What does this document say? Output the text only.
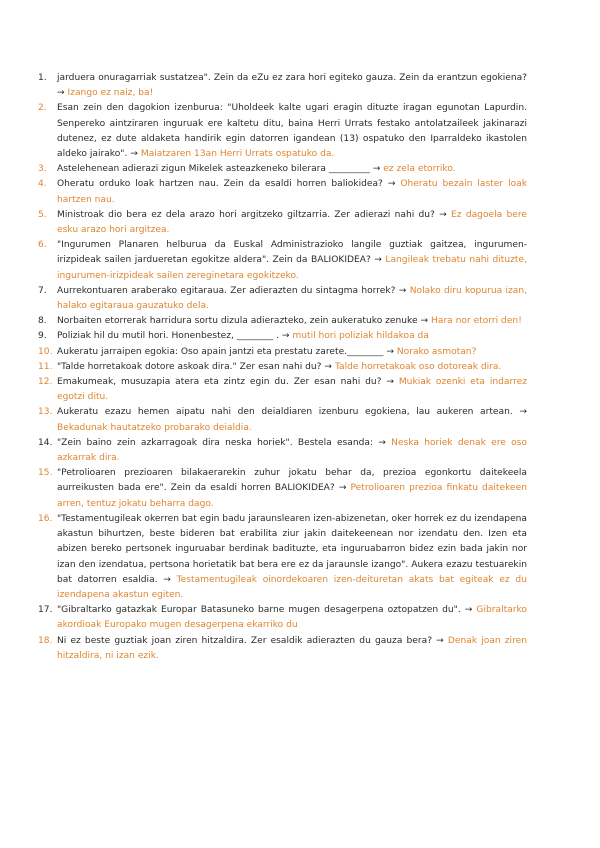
1. jarduera onuragarriak sustatzea". Zein da eZu ez zara hori egiteko gauza. Zein da erantzun egokiena? → Izango ez naiz, ba!
2. Esan zein den dagokion izenburua: "Uholdeek kalte ugari eragin dituzte iragan egunotan Lapurdin. Senpereko aintziraren inguruak ere kaltetu ditu, baina Herri Urrats festako antolatzaileek jakinarazi dutenez, ez dute aldaketa handirik egin datorren igandean (13) ospatuko den Iparraldeko ikastolen aldeko jairako". → Maiatzaren 13an Herri Urrats ospatuko da.
3. Astelehenean adierazi zigun Mikelek asteazkeneko bilerara _________ → ez zela etorriko.
4. Oheratu orduko loak hartzen nau. Zein da esaldi horren baliokidea? → Oheratu bezain laster loak hartzen nau.
5. Ministroak dio bera ez dela arazo hori argitzeko giltzarria. Zer adierazi nahi du? → Ez dagoela bere esku arazo hori argitzea.
6. "Ingurumen Planaren helburua da Euskal Administrazioko langile guztiak gaitzea, ingurumen-irizpideak sailen jardueretan egokitze aldera". Zein da BALIOKIDEA? → Langileak trebatu nahi dituzte, ingurumen-irizpideak sailen zereginetara egokitzeko.
7. Aurrekontuaren araberako egitaraua. Zer adierazten du sintagma horrek? → Nolako diru kopurua izan, halako egitaraua gauzatuko dela.
8. Norbaiten etorrerak harridura sortu dizula adierazteko, zein aukeratuko zenuke → Hara nor etorri den!
9. Poliziak hil du mutil hori. Honenbestez, ________ . → mutil hori poliziak hildakoa da
10. Aukeratu jarraipen egokia: Oso apain jantzi eta prestatu zarete.________ → Norako asmotan?
11. "Talde horretakoak dotore askoak dira." Zer esan nahi du? → Talde horretakoak oso dotoreak dira.
12. Emakumeak, musuzapia atera eta zintz egin du. Zer esan nahi du? → Mukiak ozenki eta indarrez egotzi ditu.
13. Aukeratu ezazu hemen aipatu nahi den deialdiaren izenburu egokiena, lau aukeren artean. → Bekadunak hautatzeko probarako deialdia.
14. "Zein baino zein azkarragoak dira neska horiek". Bestela esanda: → Neska horiek denak ere oso azkarrak dira.
15. "Petrolioaren prezioaren bilakaerarekin zuhur jokatu behar da, prezioa egonkortu daitekeela aurreikusten bada ere". Zein da esaldi horren BALIOKIDEA? → Petrolioaren prezioa finkatu daitekeen arren, tentuz jokatu beharra dago.
16. "Testamentugileak okerren bat egin badu jaraunslearen izen-abizenetan, oker horrek ez du izendapena akastun bihurtzen, beste bideren bat erabilita ziur jakin daitekeenean nor izendatu den. Izen eta abizen bereko pertsonek inguruabar berdinak badituzte, eta inguruabarron bidez ezin bada jakin nor izan den izendatua, pertsona horietatik bat bera ere ez da jaraunsle izango". Aukera ezazu testuarekin bat datorren esaldia. → Testamentugileak oinordekoaren izen-deituretan akats bat egiteak ez du izendapena akastun egiten.
17. "Gibraltarko gatazkak Europar Batasuneko barne mugen desagerpena oztopatzen du". → Gibraltarko akordioak Europako mugen desagerpena ekarriko du
18. Ni ez beste guztiak joan ziren hitzaldira. Zer esaldik adierazten du gauza bera? → Denak joan ziren hitzaldira, ni izan ezik.
